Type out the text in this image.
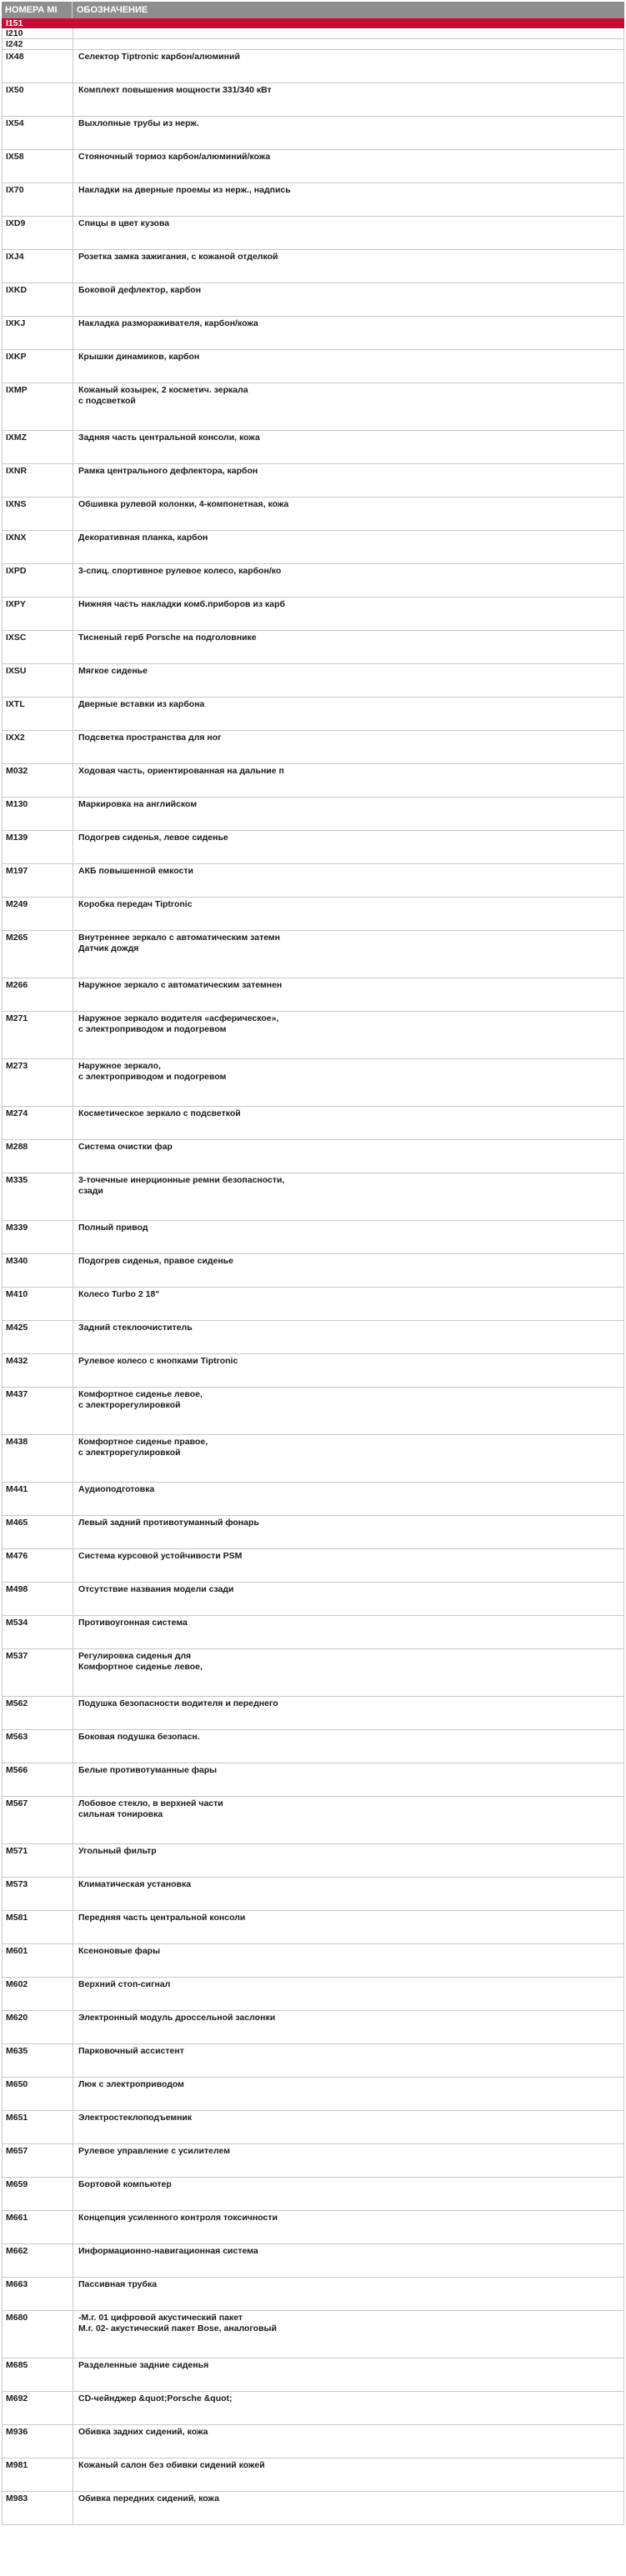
НОМЕРА MI	ОБОЗНАЧЕНИЕ
I151	

I210	

I242	

IX48	Селектор Tiptronic карбон/алюминий

IX50	Комплект повышения мощности 331/340 кВт

IX54	Выхлопные трубы из нерж.

IX58	Стояночный тормоз карбон/алюминий/кожа

IX70	Накладки на дверные проемы из нерж., надпись

IXD9	Спицы в цвет кузова

IXJ4	Розетка замка зажигания, с кожаной отделкой

IXKD	Боковой дефлектор, карбон

IXKJ	Накладка размораживателя, карбон/кожа

IXKP	Крышки динамиков, карбон

IXMP	Кожаный козырек, 2 косметич. зеркала
с подсветкой

IXMZ	Задняя часть центральной консоли, кожа

IXNR	Рамка центрального дефлектора, карбон

IXNS	Обшивка рулевой колонки, 4-компонетная, кожа

IXNX	Декоративная планка, карбон

IXPD	3-спиц. спортивное рулевое колесо, карбон/ко

IXPY	Нижняя часть накладки комб.приборов из карб

IXSC	Тисненый герб Porsche на подголовнике

IXSU	Мягкое сиденье

IXTL	Дверные вставки из карбона

IXX2	Подсветка пространства для ног

M032	Ходовая часть, ориентированная на дальние п

M130	Маркировка на английском

M139	Подогрев сиденья, левое сиденье

M197	АКБ повышенной емкости

M249	Коробка передач Tiptronic

M265	Внутреннее зеркало с автоматическим затемн
Датчик дождя

M266	Наружное зеркало с автоматическим затемнен

M271	Наружное зеркало водителя «асферическое»,
с электроприводом и подогревом

M273	Наружное зеркало,
с электроприводом и подогревом

M274	Косметическое зеркало с подсветкой

M288	Система очистки фар

M335	3-точечные инерционные ремни безопасности,
сзади

M339	Полный привод

M340	Подогрев сиденья, правое сиденье

M410	Колесо Turbo 2 18"

M425	Задний стеклоочиститель

M432	Рулевое колесо с кнопками Tiptronic

M437	Комфортное сиденье левое,
с электрорегулировкой

M438	Комфортное сиденье правое,
с электрорегулировкой

M441	Аудиоподготовка

M465	Левый задний противотуманный фонарь

M476	Система курсовой устойчивости PSM

M498	Отсутствие названия модели сзади

M534	Противоугонная система

M537	Регулировка сиденья для
Комфортное сиденье левое,

M562	Подушка безопасности водителя и переднего

M563	Боковая подушка безопасн.

M566	Белые противотуманные фары

M567	Лобовое стекло, в верхней части
сильная тонировка

M571	Угольный фильтр

M573	Климатическая установка

M581	Передняя часть центральной консоли

M601	Ксеноновые фары

M602	Верхний стоп-сигнал

M620	Электронный модуль дроссельной заслонки

M635	Парковочный ассистент

M650	Люк с электроприводом

M651	Электростеклоподъемник

M657	Рулевое управление с усилителем

M659	Бортовой компьютер

M661	Концепция усиленного контроля токсичности

M662	Информационно-навигационная система

M663	Пассивная трубка

M680	-M.г. 01 цифровой акустический пакет
M.г. 02- акустический пакет Bose, аналоговый

M685	Разделенные задние сиденья

M692	CD-чейнджер &quot;Porsche &quot;

M936	Обивка задних сидений, кожа

M981	Кожаный салон без обивки сидений кожей

M983	Обивка передних сидений, кожа
